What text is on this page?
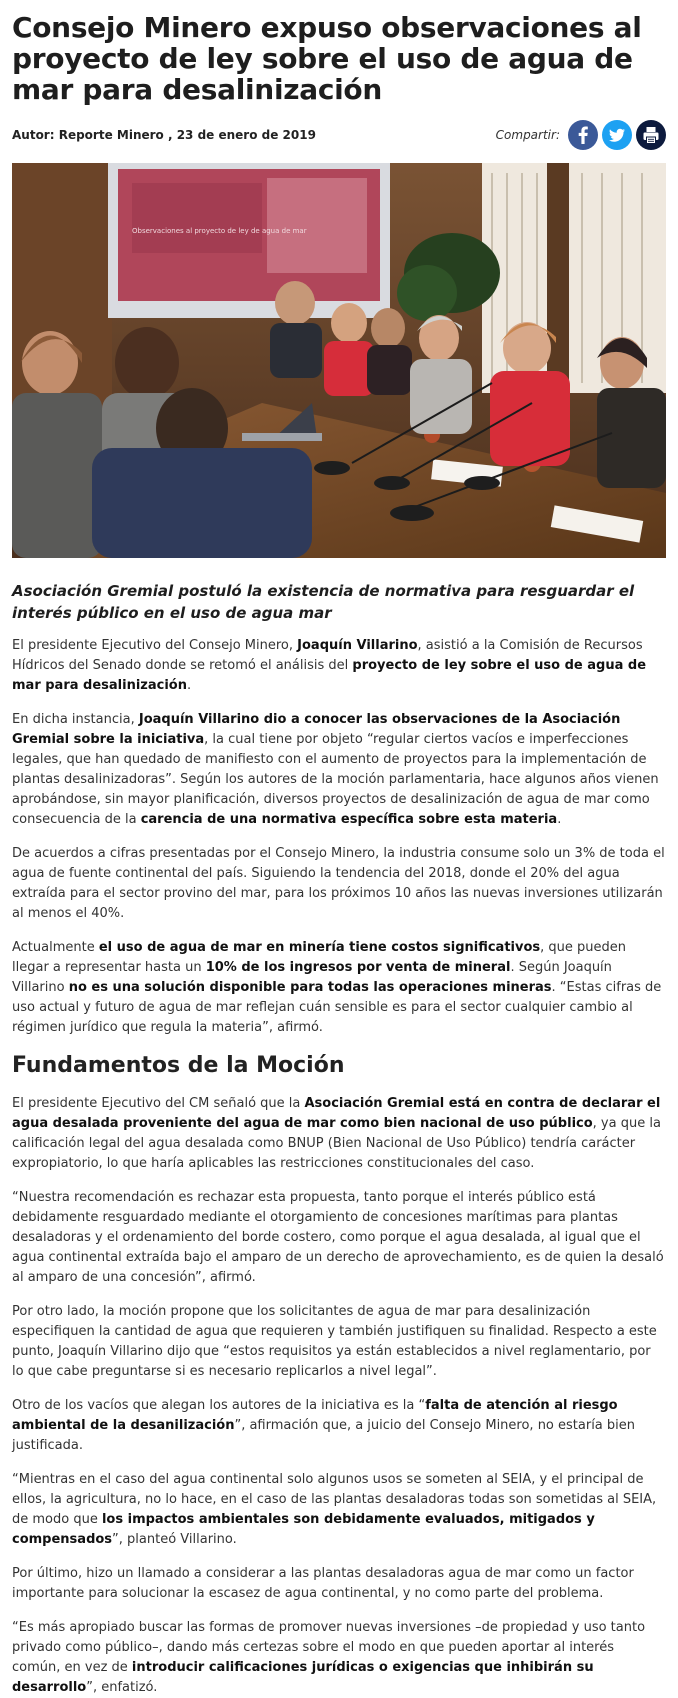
Consejo Minero expuso observaciones al proyecto de ley sobre el uso de agua de mar para desalinización
Autor: Reporte Minero , 23 de enero de 2019	Compartir:
Observaciones al proyecto de ley de agua de mar
Asociación Gremial postuló la existencia de normativa para resguardar el interés público en el uso de agua mar

El presidente Ejecutivo del Consejo Minero, Joaquín Villarino, asistió a la Comisión de Recursos Hídricos del Senado donde se retomó el análisis del proyecto de ley sobre el uso de agua de mar para desalinización.

En dicha instancia, Joaquín Villarino dio a conocer las observaciones de la Asociación Gremial sobre la iniciativa, la cual tiene por objeto “regular ciertos vacíos e imperfecciones legales, que han quedado de manifiesto con el aumento de proyectos para la implementación de plantas desalinizadoras”. Según los autores de la moción parlamentaria, hace algunos años vienen aprobándose, sin mayor planificación, diversos proyectos de desalinización de agua de mar como consecuencia de la carencia de una normativa específica sobre esta materia.

De acuerdos a cifras presentadas por el Consejo Minero, la industria consume solo un 3% de toda el agua de fuente continental del país. Siguiendo la tendencia del 2018, donde el 20% del agua extraída para el sector provino del mar, para los próximos 10 años las nuevas inversiones utilizarán al menos el 40%.

Actualmente el uso de agua de mar en minería tiene costos significativos, que pueden llegar a representar hasta un 10% de los ingresos por venta de mineral. Según Joaquín Villarino no es una solución disponible para todas las operaciones mineras. “Estas cifras de uso actual y futuro de agua de mar reflejan cuán sensible es para el sector cualquier cambio al régimen jurídico que regula la materia”, afirmó.

Fundamentos de la Moción

El presidente Ejecutivo del CM señaló que la Asociación Gremial está en contra de declarar el agua desalada proveniente del agua de mar como bien nacional de uso público, ya que la calificación legal del agua desalada como BNUP (Bien Nacional de Uso Público) tendría carácter expropiatorio, lo que haría aplicables las restricciones constitucionales del caso.

“Nuestra recomendación es rechazar esta propuesta, tanto porque el interés público está debidamente resguardado mediante el otorgamiento de concesiones marítimas para plantas desaladoras y el ordenamiento del borde costero, como porque el agua desalada, al igual que el agua continental extraída bajo el amparo de un derecho de aprovechamiento, es de quien la desaló al amparo de una concesión”, afirmó.

Por otro lado, la moción propone que los solicitantes de agua de mar para desalinización especifiquen la cantidad de agua que requieren y también justifiquen su finalidad. Respecto a este punto, Joaquín Villarino dijo que “estos requisitos ya están establecidos a nivel reglamentario, por lo que cabe preguntarse si es necesario replicarlos a nivel legal”.

Otro de los vacíos que alegan los autores de la iniciativa es la “falta de atención al riesgo ambiental de la desanilización”, afirmación que, a juicio del Consejo Minero, no estaría bien justificada.

“Mientras en el caso del agua continental solo algunos usos se someten al SEIA, y el principal de ellos, la agricultura, no lo hace, en el caso de las plantas desaladoras todas son sometidas al SEIA, de modo que los impactos ambientales son debidamente evaluados, mitigados y compensados”, planteó Villarino.

Por último, hizo un llamado a considerar a las plantas desaladoras agua de mar como un factor importante para solucionar la escasez de agua continental, y no como parte del problema.

“Es más apropiado buscar las formas de promover nuevas inversiones –de propiedad y uso tanto privado como público–, dando más certezas sobre el modo en que pueden aportar al interés común, en vez de introducir calificaciones jurídicas o exigencias que inhibirán su desarrollo”, enfatizó.
